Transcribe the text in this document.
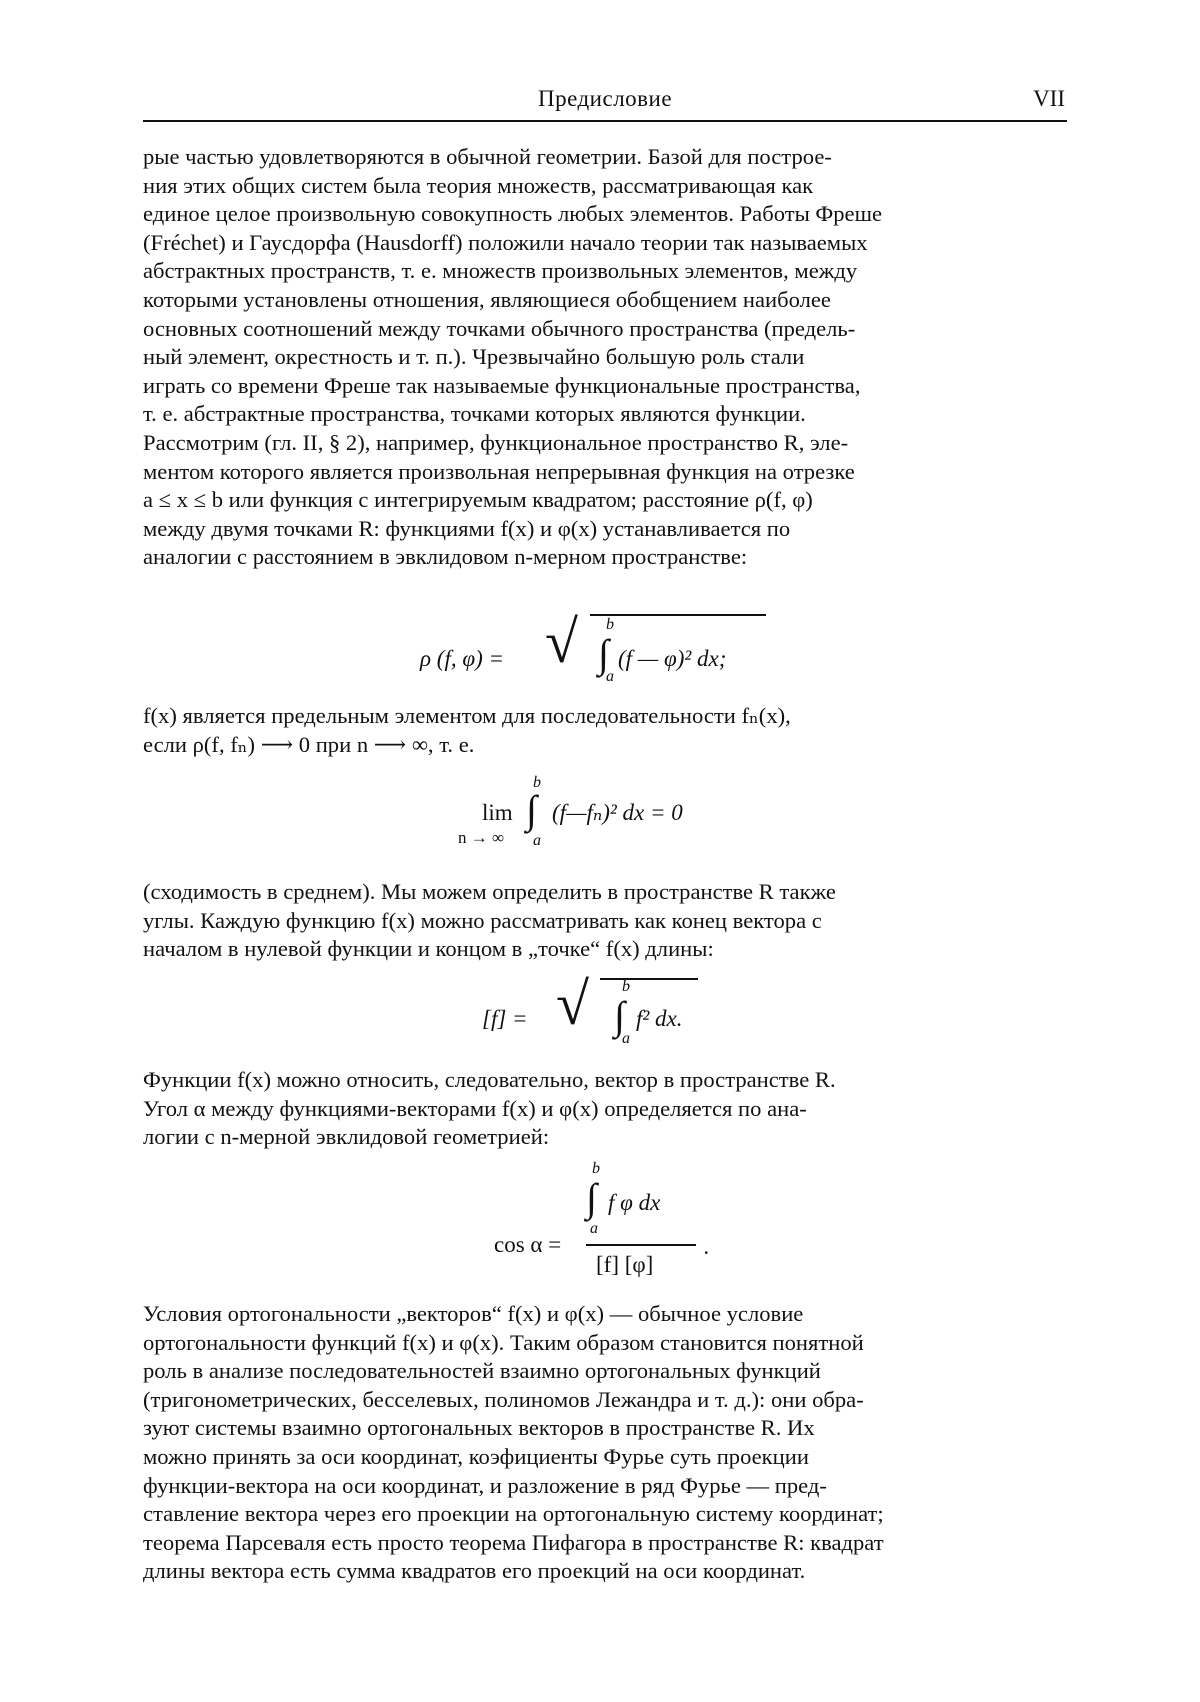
Предисловие	VII
рые частью удовлетворяются в обычной геометрии. Базой для построе-
ния этих общих систем была теория множеств, рассматривающая как
единое целое произвольную совокупность любых элементов. Работы Фреше
(Fréchet) и Гаусдорфа (Hausdorff) положили начало теории так называемых
абстрактных пространств, т. е. множеств произвольных элементов, между
которыми установлены отношения, являющиеся обобщением наиболее
основных соотношений между точками обычного пространства (предель-
ный элемент, окрестность и т. п.). Чрезвычайно большую роль стали
играть со времени Фреше так называемые функциональные пространства,
т. е. абстрактные пространства, точками которых являются функции.
Рассмотрим (гл. II, § 2), например, функциональное пространство R, эле-
ментом которого является произвольная непрерывная функция на отрезке
a ≤ x ≤ b или функция с интегрируемым квадратом; расстояние ρ(f, φ)
между двумя точками R: функциями f(x) и φ(x) устанавливается по
аналогии с расстоянием в эвклидовом n-мерном пространстве:
ρ (f, φ) = √ b
∫ (f — φ)² dx;
a
f(x) является предельным элементом для последовательности fₙ(x),
если ρ(f, fₙ) ⟶ 0 при n ⟶ ∞, т. е.
lim
n → ∞
b
∫ (f—fₙ)² dx = 0
a
(сходимость в среднем). Мы можем определить в пространстве R также
углы. Каждую функцию f(x) можно рассматривать как конец вектора с
началом в нулевой функции и концом в „точке“ f(x) длины:
[f] = √ b
∫ f² dx.
a
Функции f(x) можно относить, следовательно, вектор в пространстве R.
Угол α между функциями-векторами f(x) и φ(x) определяется по ана-
логии с n-мерной эвклидовой геометрией:
cos α =
b
∫ f φ dx
a
[f] [φ]
.
Условия ортогональности „векторов“ f(x) и φ(x) — обычное условие
ортогональности функций f(x) и φ(x). Таким образом становится понятной
роль в анализе последовательностей взаимно ортогональных функций
(тригонометрических, бесселевых, полиномов Лежандра и т. д.): они обра-
зуют системы взаимно ортогональных векторов в пространстве R. Их
можно принять за оси координат, коэфициенты Фурье суть проекции
функции-вектора на оси координат, и разложение в ряд Фурье — пред-
ставление вектора через его проекции на ортогональную систему координат;
теорема Парсеваля есть просто теорема Пифагора в пространстве R: квадрат
длины вектора есть сумма квадратов его проекций на оси координат.
